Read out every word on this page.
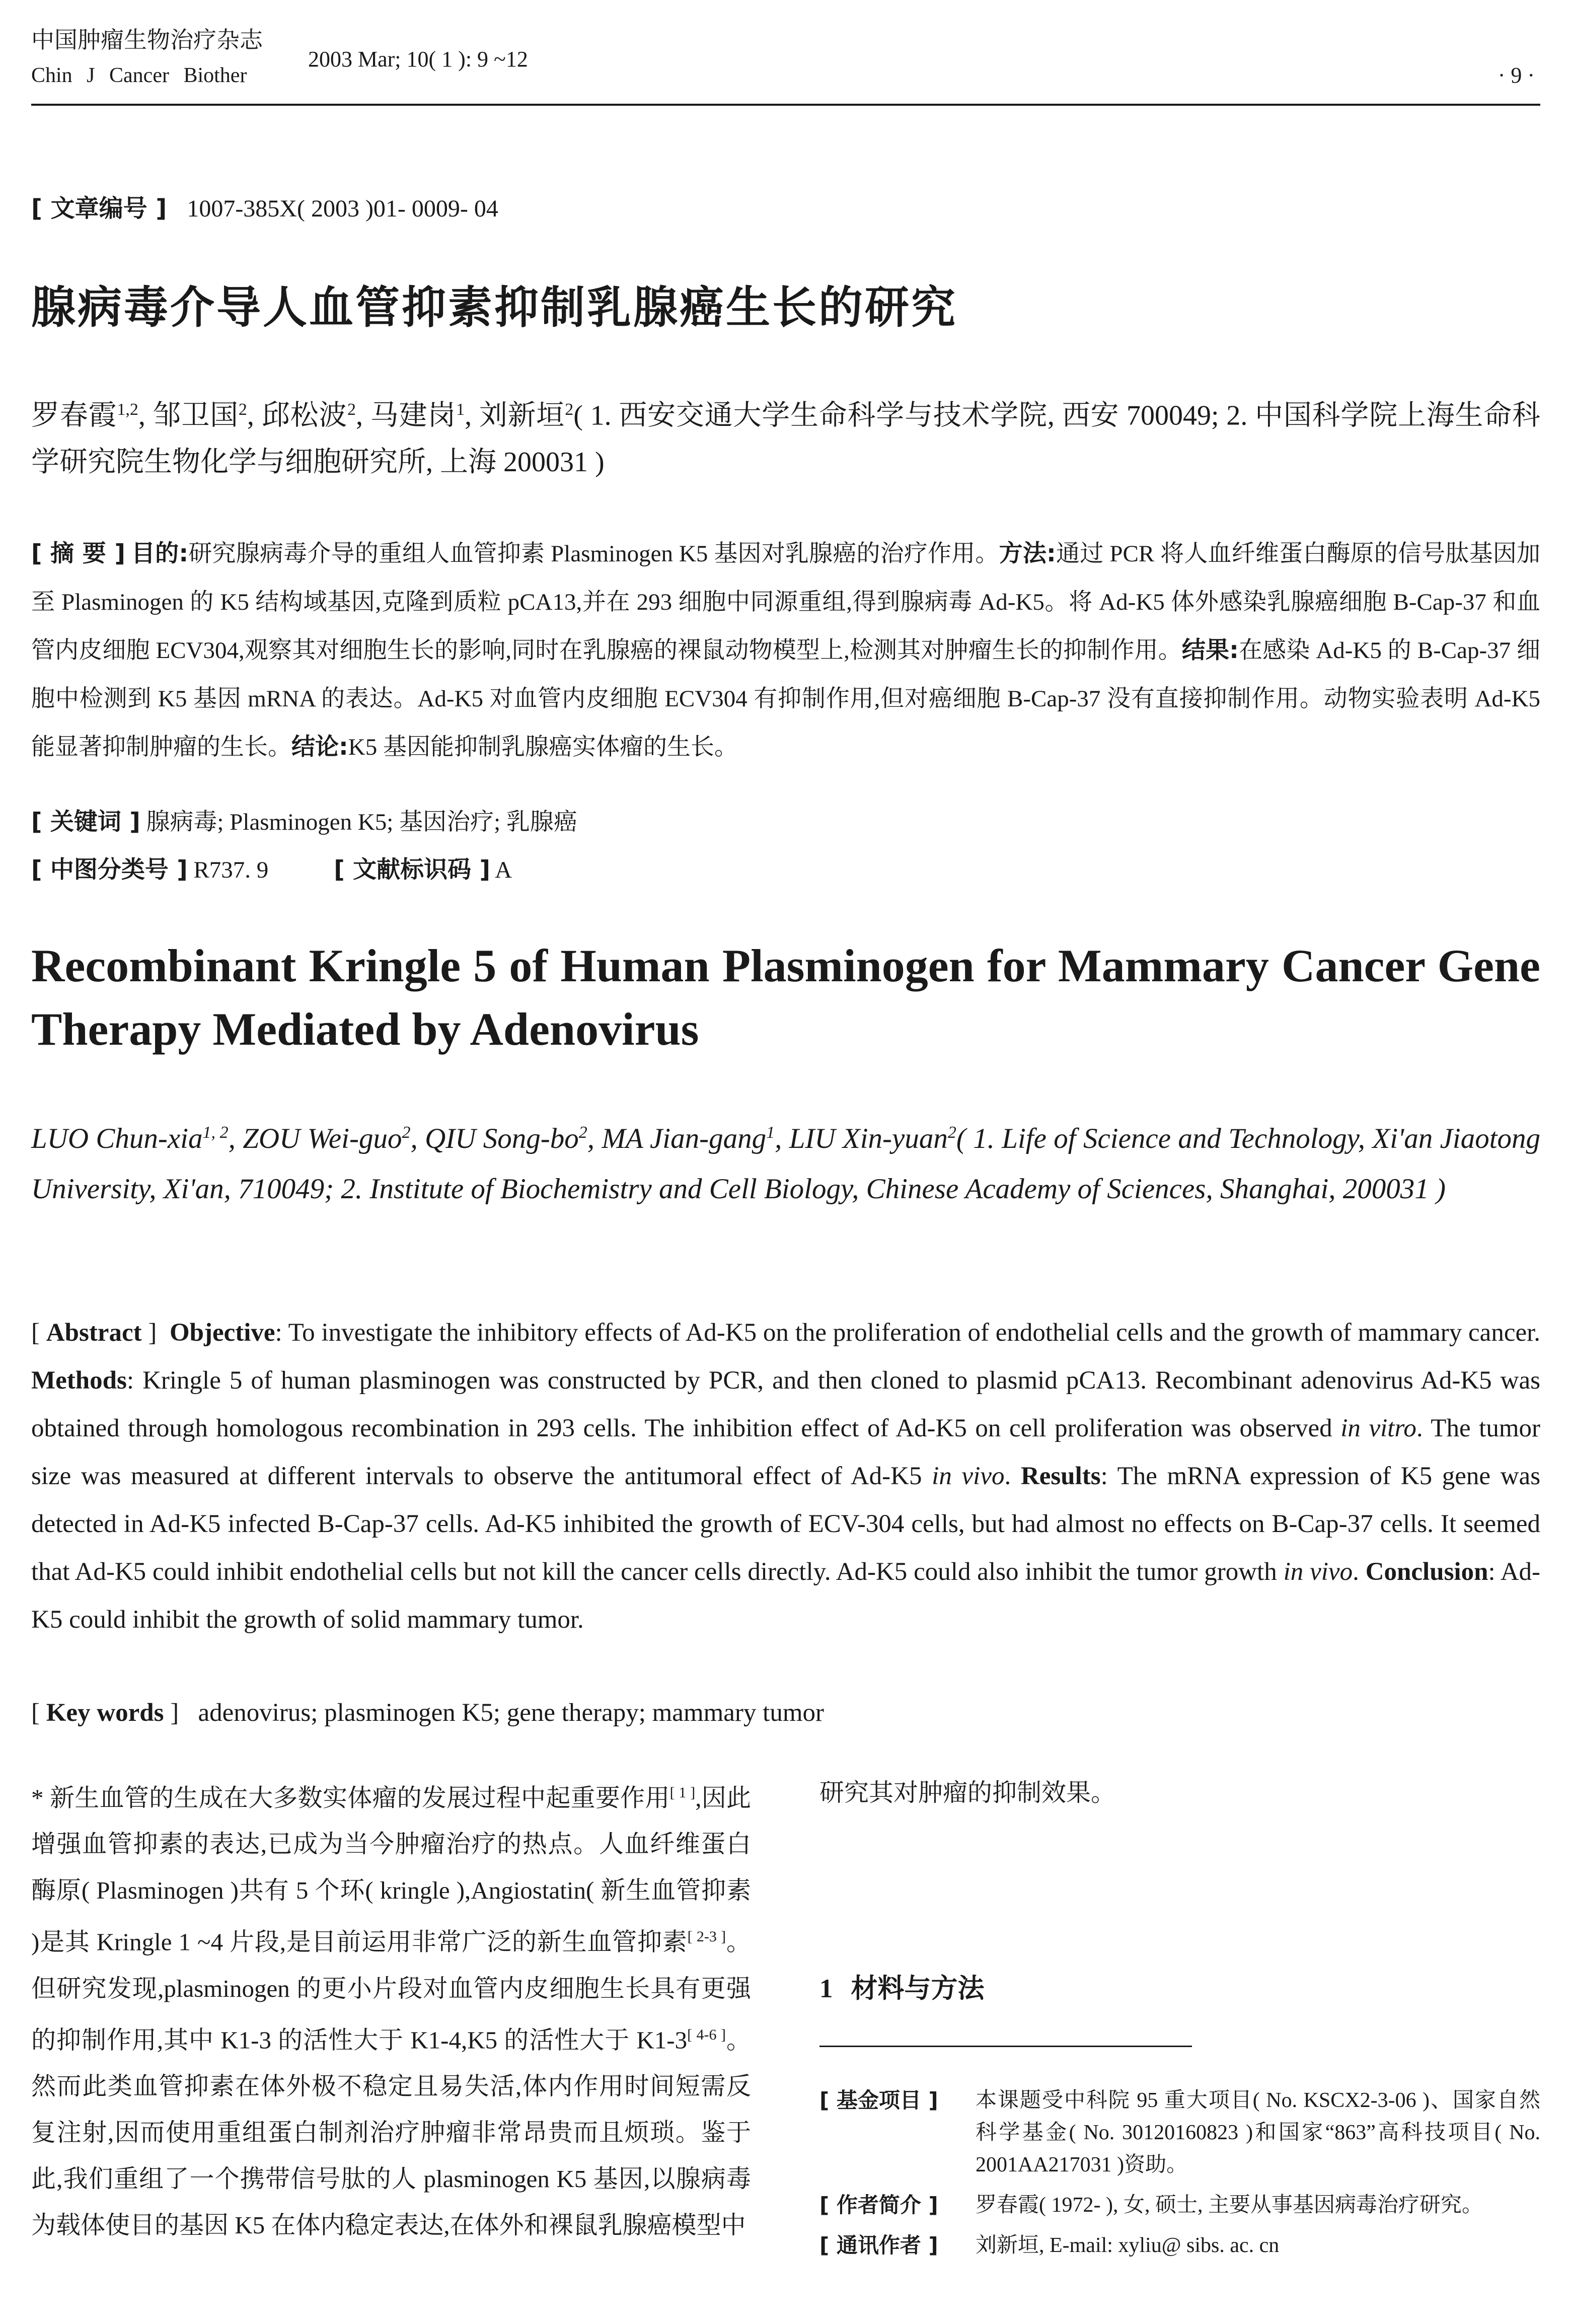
中国肿瘤生物治疗杂志
Chin J Cancer Biother
2003 Mar; 10( 1 ): 9 ~12
· 9 ·
[ 文章编号 ] 1007-385X( 2003 )01- 0009- 04
腺病毒介导人血管抑素抑制乳腺癌生长的研究
罗春霞$^{1,2}$, 邹卫国$^2$, 邱松波$^2$, 马建岗$^1$, 刘新垣$^2$( 1. 西安交通大学生命科学与技术学院, 西安 700049; 2. 中国科学院上海生命科学研究院生物化学与细胞研究所, 上海 200031 )
[ 摘 要 ] 目的:研究腺病毒介导的重组人血管抑素 Plasminogen K5 基因对乳腺癌的治疗作用。方法:通过 PCR 将人血纤维蛋白酶原的信号肽基因加至 Plasminogen 的 K5 结构域基因,克隆到质粒 pCA13,并在 293 细胞中同源重组,得到腺病毒 Ad-K5。将 Ad-K5 体外感染乳腺癌细胞 B-Cap-37 和血管内皮细胞 ECV304,观察其对细胞生长的影响,同时在乳腺癌的裸鼠动物模型上,检测其对肿瘤生长的抑制作用。结果:在感染 Ad-K5 的 B-Cap-37 细胞中检测到 K5 基因 mRNA 的表达。Ad-K5 对血管内皮细胞 ECV304 有抑制作用,但对癌细胞 B-Cap-37 没有直接抑制作用。动物实验表明 Ad-K5 能显著抑制肿瘤的生长。结论:K5 基因能抑制乳腺癌实体瘤的生长。
[ 关键词 ] 腺病毒; Plasminogen K5; 基因治疗; 乳腺癌
[ 中图分类号 ] R737. 9	[ 文献标识码 ] A
Recombinant Kringle 5 of Human Plasminogen for Mammary Cancer Gene Therapy Mediated by Adenovirus
LUO Chun-xia$^{1, 2}$, ZOU Wei-guo$^2$, QIU Song-$bo^2$, MA Jian-gang$^1$, LIU Xin-yuan$^2$( 1. Life of Science and Technology, Xi'an Jiaotong University, Xi'an, 710049; 2. Institute of Biochemistry and Cell Biology, Chinese Academy of Sciences, Shanghai, 200031 )
[ Abstract ]  Objective: To investigate the inhibitory effects of Ad-K5 on the proliferation of endothelial cells and the growth of mammary cancer. Methods: Kringle 5 of human plasminogen was constructed by PCR, and then cloned to plasmid pCA13. Recombinant adenovirus Ad-K5 was obtained through homologous recombination in 293 cells. The inhibition effect of Ad-K5 on cell proliferation was observed in vitro. The tumor size was measured at different intervals to observe the antitumoral effect of Ad-K5 in vivo. Results: The mRNA expression of K5 gene was detected in Ad-K5 infected B-Cap-37 cells. Ad-K5 inhibited the growth of ECV-304 cells, but had almost no effects on B-Cap-37 cells. It seemed that Ad-K5 could inhibit endothelial cells but not kill the cancer cells directly. Ad-K5 could also inhibit the tumor growth in vivo. Conclusion: Ad-K5 could inhibit the growth of solid mammary tumor.
[ Key words ]   adenovirus; plasminogen K5; gene therapy; mammary tumor
* 新生血管的生成在大多数实体瘤的发展过程中起重要作用[ 1 ],因此增强血管抑素的表达,已成为当今肿瘤治疗的热点。人血纤维蛋白酶原( Plasminogen )共有 5 个环( kringle ),Angiostatin( 新生血管抑素 )是其 Kringle 1 ~4 片段,是目前运用非常广泛的新生血管抑素[ 2-3 ]。但研究发现,plasminogen 的更小片段对血管内皮细胞生长具有更强的抑制作用,其中 K1-3 的活性大于 K1-4,K5 的活性大于 K1-3[ 4-6 ]。然而此类血管抑素在体外极不稳定且易失活,体内作用时间短需反复注射,因而使用重组蛋白制剂治疗肿瘤非常昂贵而且烦琐。鉴于此,我们重组了一个携带信号肽的人 plasminogen K5 基因,以腺病毒为载体使目的基因 K5 在体内稳定表达,在体外和裸鼠乳腺癌模型中
1 材料与方法
[ 基金项目 ]	本课题受中科院 95 重大项目( No. KSCX2-3-06 )、国家自然科学基金( No. 30120160823 )和国家“863”高科技项目( No. 2001AA217031 )资助。
[ 作者简介 ]	罗春霞( 1972- ), 女, 硕士, 主要从事基因病毒治疗研究。
[ 通讯作者 ]	刘新垣, E-mail: xyliu@ sibs. ac. cn
研究其对肿瘤的抑制效果。
